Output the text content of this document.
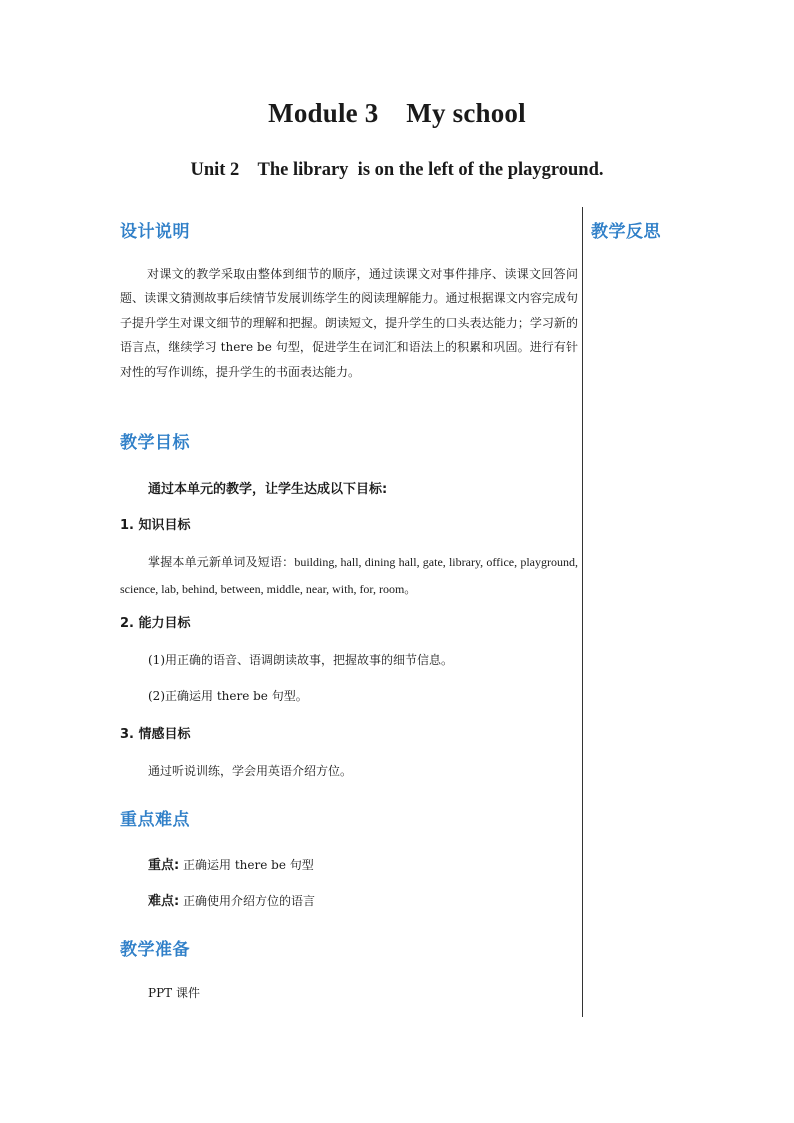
Module 3    My school
Unit 2    The library  is on the left of the playground.
教学反思
设计说明
对课文的教学采取由整体到细节的顺序，通过读课文对事件排序、读课文回答问题、读课文猜测故事后续情节发展训练学生的阅读理解能力。通过根据课文内容完成句子提升学生对课文细节的理解和把握。朗读短文，提升学生的口头表达能力；学习新的语言点，继续学习 there be 句型，促进学生在词汇和语法上的积累和巩固。进行有针对性的写作训练，提升学生的书面表达能力。
教学目标
通过本单元的教学，让学生达成以下目标:
1. 知识目标
掌握本单元新单词及短语：building, hall, dining hall, gate, library, office, playground, science, lab, behind, between, middle, near, with, for, room。
2. 能力目标
(1)用正确的语音、语调朗读故事，把握故事的细节信息。
(2)正确运用 there be 句型。
3. 情感目标
通过听说训练，学会用英语介绍方位。
重点难点
重点: 正确运用 there be 句型
难点: 正确使用介绍方位的语言
教学准备
PPT 课件
